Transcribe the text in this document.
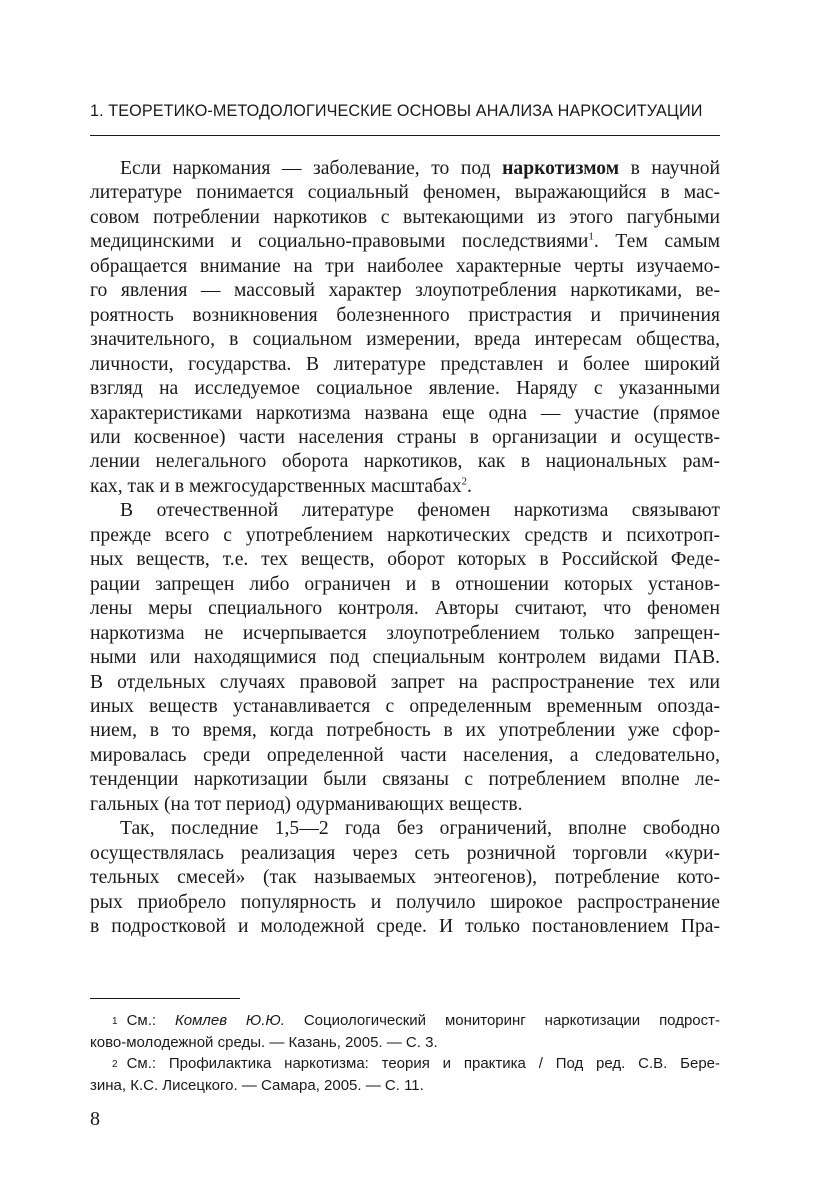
1. ТЕОРЕТИКО-МЕТОДОЛОГИЧЕСКИЕ ОСНОВЫ АНАЛИЗА НАРКОСИТУАЦИИ
Если наркомания — заболевание, то под наркотизмом в научной
литературе понимается социальный феномен, выражающийся в мас-
совом потреблении наркотиков с вытекающими из этого пагубными
медицинскими и социально-правовыми последствиями$^1$. Тем самым
обращается внимание на три наиболее характерные черты изучаемо-
го явления — массовый характер злоупотребления наркотиками, ве-
роятность возникновения болезненного пристрастия и причинения
значительного, в социальном измерении, вреда интересам общества,
личности, государства. В литературе представлен и более широкий
взгляд на исследуемое социальное явление. Наряду с указанными
характеристиками наркотизма названа еще одна — участие (прямое
или косвенное) части населения страны в организации и осуществ-
лении нелегального оборота наркотиков, как в национальных рам-
ках, так и в межгосударственных масштабах$^2$.
В отечественной литературе феномен наркотизма связывают
прежде всего с употреблением наркотических средств и психотроп-
ных веществ, т.е. тех веществ, оборот которых в Российской Феде-
рации запрещен либо ограничен и в отношении которых установ-
лены меры специального контроля. Авторы считают, что феномен
наркотизма не исчерпывается злоупотреблением только запрещен-
ными или находящимися под специальным контролем видами ПАВ.
В отдельных случаях правовой запрет на распространение тех или
иных веществ устанавливается с определенным временным опозда-
нием, в то время, когда потребность в их употреблении уже сфор-
мировалась среди определенной части населения, а следовательно,
тенденции наркотизации были связаны с потреблением вполне ле-
гальных (на тот период) одурманивающих веществ.
Так, последние 1,5—2 года без ограничений, вполне свободно
осуществлялась реализация через сеть розничной торговли «кури-
тельных смесей» (так называемых энтеогенов), потребление кото-
рых приобрело популярность и получило широкое распространение
в подростковой и молодежной среде. И только постановлением Пра-
$^1$ См.: Комлев Ю.Ю. Социологический мониторинг наркотизации подрост-
ково-молодежной среды. — Казань, 2005. — С. 3.
$^2$ См.: Профилактика наркотизма: теория и практика / Под ред. С.В. Бере-
зина, К.С. Лисецкого. — Самара, 2005. — С. 11.
8
